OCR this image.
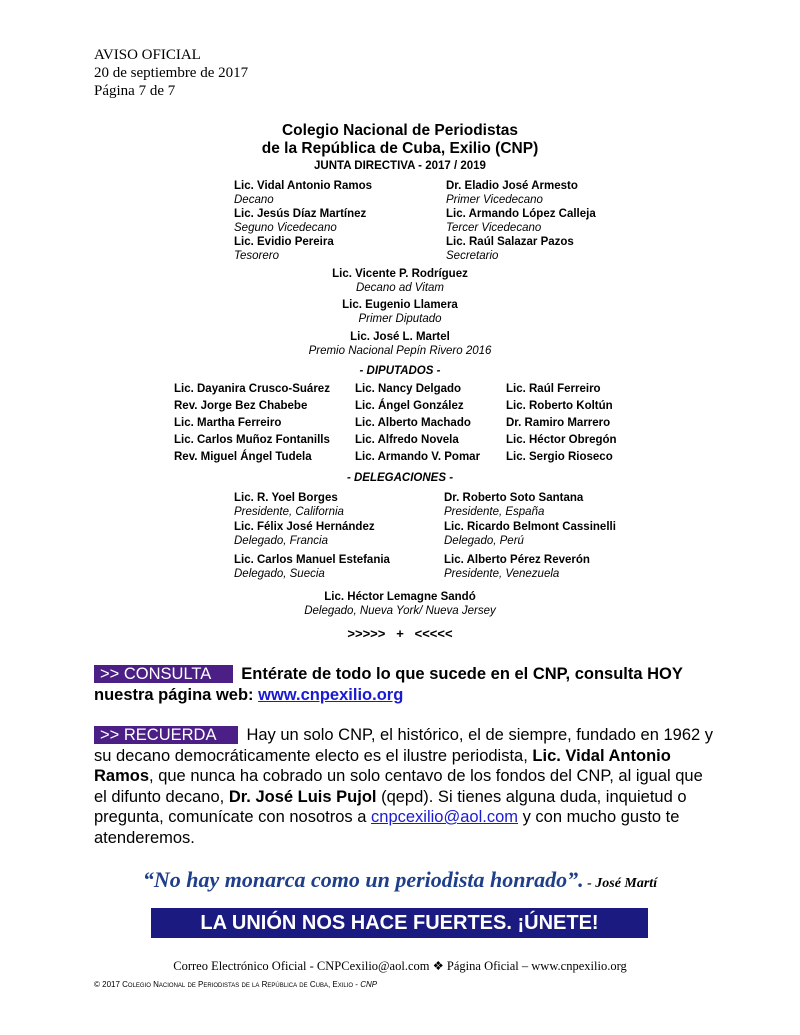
AVISO OFICIAL
20 de septiembre de 2017
Página 7 de 7
Colegio Nacional de Periodistas
de la República de Cuba, Exilio (CNP)
JUNTA DIRECTIVA - 2017 / 2019
Lic. Vidal Antonio Ramos
Decano
Lic. Jesús Díaz Martínez
Seguno Vicedecano
Lic. Evidio Pereira
Tesorero
Dr. Eladio José Armesto
Primer Vicedecano
Lic. Armando López Calleja
Tercer Vicedecano
Lic. Raúl Salazar Pazos
Secretario
Lic. Vicente P. Rodríguez
Decano ad Vitam
Lic. Eugenio Llamera
Primer Diputado
Lic. José L. Martel
Premio Nacional Pepín Rivero 2016
- DIPUTADOS -
Lic. Dayanira Crusco-Suárez
Rev. Jorge Bez Chabebe
Lic. Martha Ferreiro
Lic. Carlos Muñoz Fontanills
Rev. Miguel Ángel Tudela
Lic. Nancy Delgado
Lic. Ángel González
Lic. Alberto Machado
Lic. Alfredo Novela
Lic. Armando V. Pomar
Lic. Raúl Ferreiro
Lic. Roberto Koltún
Dr. Ramiro Marrero
Lic. Héctor Obregón
Lic. Sergio Rioseco
- DELEGACIONES -
Lic. R. Yoel Borges
Presidente, California
Lic. Félix José Hernández
Delegado, Francia
Lic. Carlos Manuel Estefania
Delegado, Suecia
Dr. Roberto Soto Santana
Presidente, España
Lic. Ricardo Belmont Cassinelli
Delegado, Perú
Lic. Alberto Pérez Reverón
Presidente, Venezuela
Lic. Héctor Lemagne Sandó
Delegado, Nueva York/ Nueva Jersey
>>>>>   +   <<<<<
>> CONSULTA Entérate de todo lo que sucede en el CNP, consulta HOY nuestra página web: www.cnpexilio.org
>> RECUERDA Hay un solo CNP, el histórico, el de siempre, fundado en 1962 y su decano democráticamente electo es el ilustre periodista, Lic. Vidal Antonio Ramos, que nunca ha cobrado un solo centavo de los fondos del CNP, al igual que el difunto decano, Dr. José Luis Pujol (qepd). Si tienes alguna duda, inquietud o pregunta, comunícate con nosotros a cnpcexilio@aol.com y con mucho gusto te atenderemos.
“No hay monarca como un periodista honrado”. - José Martí
LA UNIÓN NOS HACE FUERTES. ¡ÚNETE!
Correo Electrónico Oficial - CNPCexilio@aol.com ❖ Página Oficial – www.cnpexilio.org
© 2017 Colegio Nacional de Periodistas de la República de Cuba, Exilio - CNP
